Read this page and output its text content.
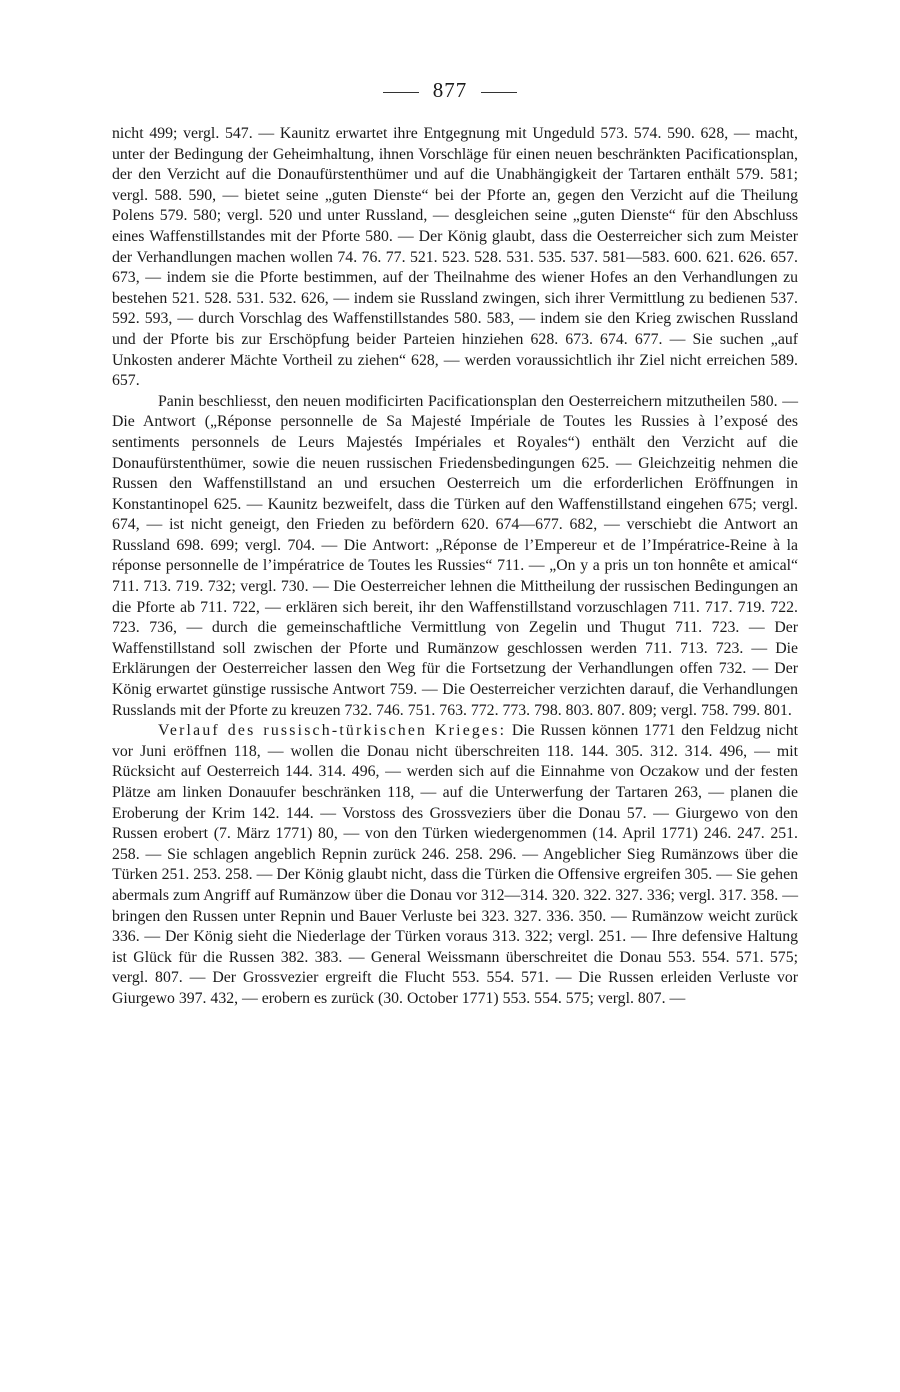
877

nicht 499; vergl. 547. — Kaunitz erwartet ihre Entgegnung mit Ungeduld 573. 574. 590. 628, — macht, unter der Bedingung der Geheimhaltung, ihnen Vorschläge für einen neuen beschränkten Pacificationsplan, der den Verzicht auf die Donaufürstenthümer und auf die Unabhängigkeit der Tartaren enthält 579. 581; vergl. 588. 590, — bietet seine „guten Dienste“ bei der Pforte an, gegen den Verzicht auf die Theilung Polens 579. 580; vergl. 520 und unter Russland, — desgleichen seine „guten Dienste“ für den Abschluss eines Waffenstillstandes mit der Pforte 580. — Der König glaubt, dass die Oesterreicher sich zum Meister der Verhandlungen machen wollen 74. 76. 77. 521. 523. 528. 531. 535. 537. 581—583. 600. 621. 626. 657. 673, — indem sie die Pforte bestimmen, auf der Theilnahme des wiener Hofes an den Verhandlungen zu bestehen 521. 528. 531. 532. 626, — indem sie Russland zwingen, sich ihrer Vermittlung zu bedienen 537. 592. 593, — durch Vorschlag des Waffenstillstandes 580. 583, — indem sie den Krieg zwischen Russland und der Pforte bis zur Erschöpfung beider Parteien hinziehen 628. 673. 674. 677. — Sie suchen „auf Unkosten anderer Mächte Vortheil zu ziehen“ 628, — werden voraussichtlich ihr Ziel nicht erreichen 589. 657.

Panin beschliesst, den neuen modificirten Pacificationsplan den Oesterreichern mitzutheilen 580. — Die Antwort („Réponse personnelle de Sa Majesté Impériale de Toutes les Russies à l’exposé des sentiments personnels de Leurs Majestés Impériales et Royales“) enthält den Verzicht auf die Donaufürstenthümer, sowie die neuen russischen Friedensbedingungen 625. — Gleichzeitig nehmen die Russen den Waffenstillstand an und ersuchen Oesterreich um die erforderlichen Eröffnungen in Konstantinopel 625. — Kaunitz bezweifelt, dass die Türken auf den Waffenstillstand eingehen 675; vergl. 674, — ist nicht geneigt, den Frieden zu befördern 620. 674—677. 682, — verschiebt die Antwort an Russland 698. 699; vergl. 704. — Die Antwort: „Réponse de l’Empereur et de l’Impératrice-Reine à la réponse personnelle de l’impératrice de Toutes les Russies“ 711. — „On y a pris un ton honnête et amical“ 711. 713. 719. 732; vergl. 730. — Die Oesterreicher lehnen die Mittheilung der russischen Bedingungen an die Pforte ab 711. 722, — erklären sich bereit, ihr den Waffenstillstand vorzuschlagen 711. 717. 719. 722. 723. 736, — durch die gemeinschaftliche Vermittlung von Zegelin und Thugut 711. 723. — Der Waffenstillstand soll zwischen der Pforte und Rumänzow geschlossen werden 711. 713. 723. — Die Erklärungen der Oesterreicher lassen den Weg für die Fortsetzung der Verhandlungen offen 732. — Der König erwartet günstige russische Antwort 759. — Die Oesterreicher verzichten darauf, die Verhandlungen Russlands mit der Pforte zu kreuzen 732. 746. 751. 763. 772. 773. 798. 803. 807. 809; vergl. 758. 799. 801.

Verlauf des russisch-türkischen Krieges: Die Russen können 1771 den Feldzug nicht vor Juni eröffnen 118, — wollen die Donau nicht überschreiten 118. 144. 305. 312. 314. 496, — mit Rücksicht auf Oesterreich 144. 314. 496, — werden sich auf die Einnahme von Oczakow und der festen Plätze am linken Donauufer beschränken 118, — auf die Unterwerfung der Tartaren 263, — planen die Eroberung der Krim 142. 144. — Vorstoss des Grossveziers über die Donau 57. — Giurgewo von den Russen erobert (7. März 1771) 80, — von den Türken wiedergenommen (14. April 1771) 246. 247. 251. 258. — Sie schlagen angeblich Repnin zurück 246. 258. 296. — Angeblicher Sieg Rumänzows über die Türken 251. 253. 258. — Der König glaubt nicht, dass die Türken die Offensive ergreifen 305. — Sie gehen abermals zum Angriff auf Rumänzow über die Donau vor 312—314. 320. 322. 327. 336; vergl. 317. 358. — bringen den Russen unter Repnin und Bauer Verluste bei 323. 327. 336. 350. — Rumänzow weicht zurück 336. — Der König sieht die Niederlage der Türken voraus 313. 322; vergl. 251. — Ihre defensive Haltung ist Glück für die Russen 382. 383. — General Weissmann überschreitet die Donau 553. 554. 571. 575; vergl. 807. — Der Grossvezier ergreift die Flucht 553. 554. 571. — Die Russen erleiden Verluste vor Giurgewo 397. 432, — erobern es zurück (30. October 1771) 553. 554. 575; vergl. 807. —
